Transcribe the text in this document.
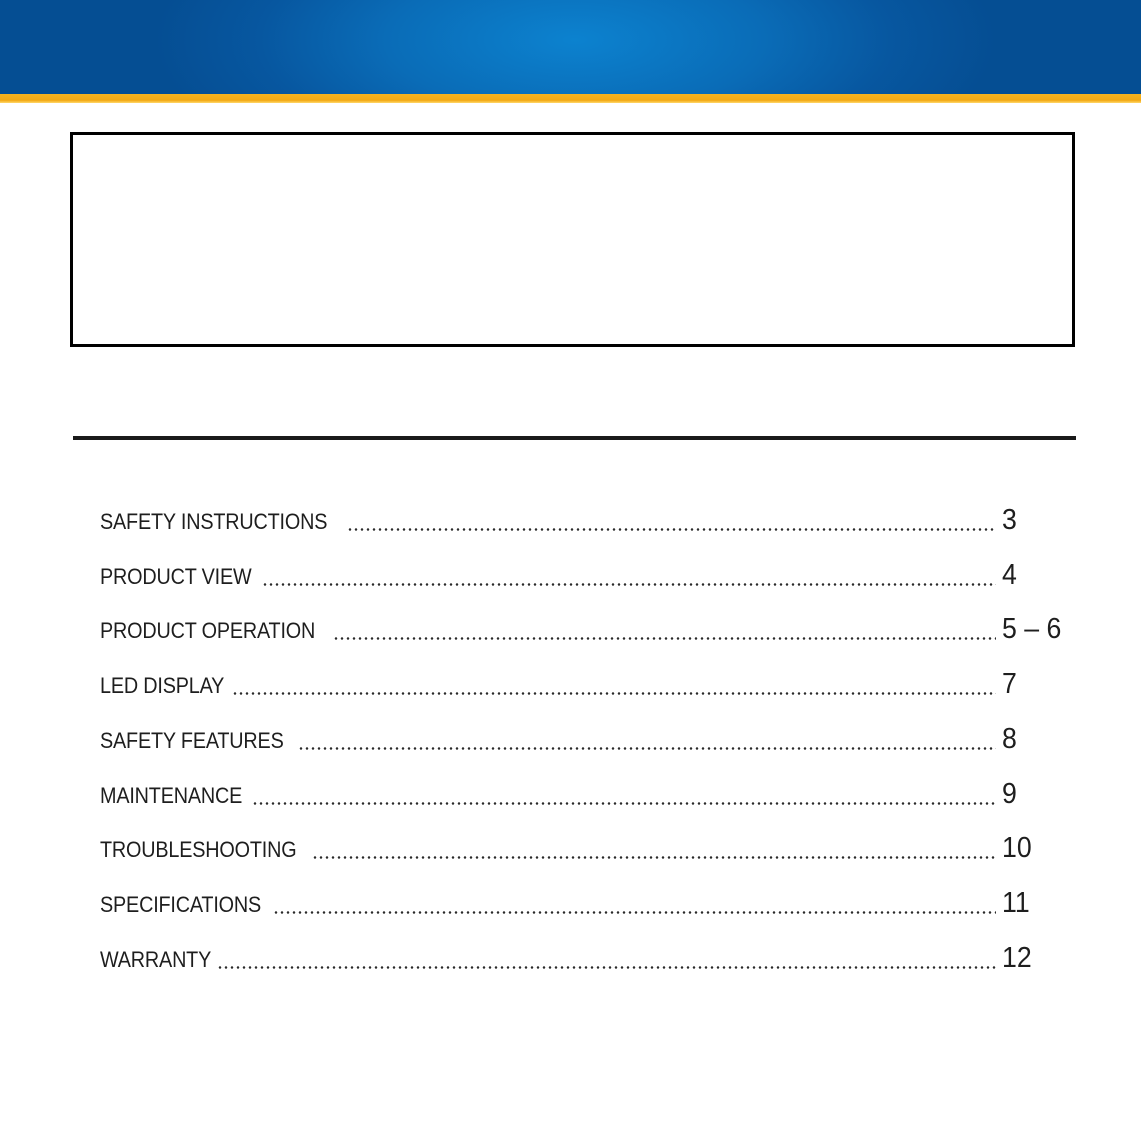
SAFETY INSTRUCTIONS	3
PRODUCT VIEW	4
PRODUCT OPERATION	5 – 6
LED DISPLAY	7
SAFETY FEATURES	8
MAINTENANCE	9
TROUBLESHOOTING	10
SPECIFICATIONS	11
WARRANTY	12
